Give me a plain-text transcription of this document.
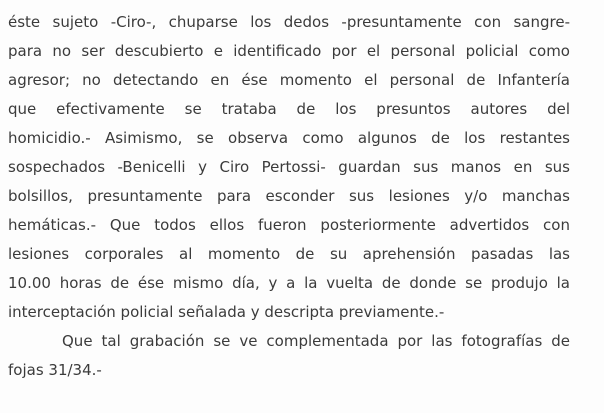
éste sujeto -Ciro-, chuparse los dedos -presuntamente con sangre-
para no ser descubierto e identificado por el personal policial como
agresor; no detectando en ése momento el personal de Infantería
que efectivamente se trataba de los presuntos autores del
homicidio.- Asimismo, se observa como algunos de los restantes
sospechados -Benicelli y Ciro Pertossi- guardan sus manos en sus
bolsillos, presuntamente para esconder sus lesiones y/o manchas
hemáticas.- Que todos ellos fueron posteriormente advertidos con
lesiones corporales al momento de su aprehensión pasadas las
10.00 horas de ése mismo día, y a la vuelta de donde se produjo la
interceptación policial señalada y descripta previamente.-
Que tal grabación se ve complementada por las fotografías de
fojas 31/34.-
